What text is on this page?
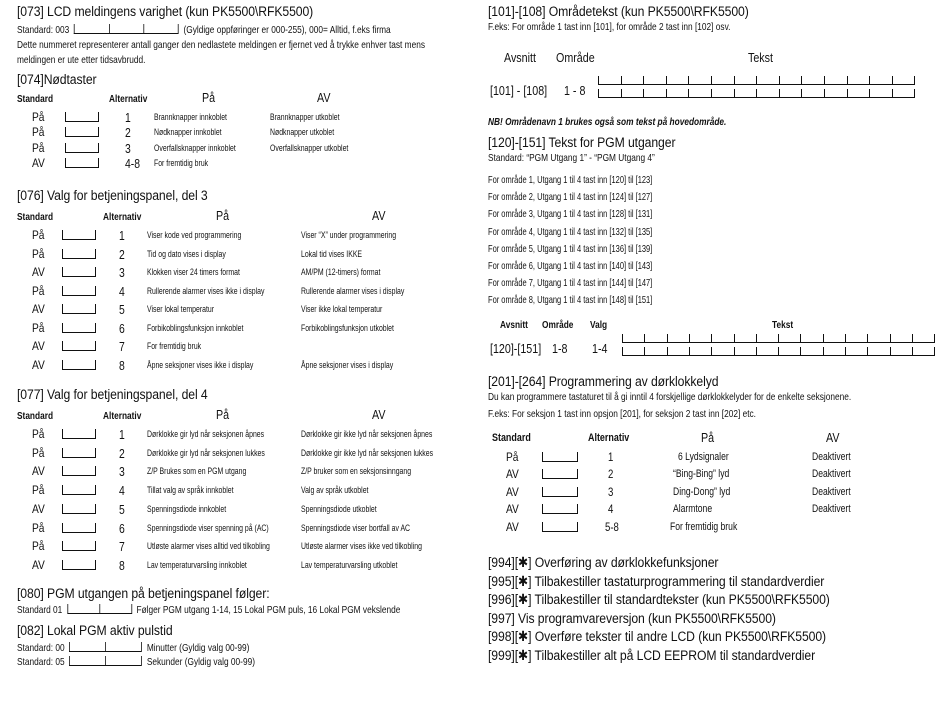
[073] LCD meldingens varighet (kun PK5500\RFK5500)
Standard: 003	(Gyldige oppføringer er 000-255), 000= Alltid, f.eks firma
Dette nummeret representerer antall ganger den nedlastete meldingen er fjernet ved å trykke enhver tast mens
meldingen er ute etter tidsavbrudd.
[074]Nødtaster
Standard	Alternativ	På	AV
På	1 Brannknapper innkoblet	Brannknapper utkoblet
På	2 Nødknapper innkoblet	Nødknapper utkoblet
På	3 Overfallsknapper innkoblet	Overfallsknapper utkoblet
AV	4-8 For fremtidig bruk
[076] Valg for betjeningspanel, del 3
Standard	Alternativ	På	AV
På	1 Viser kode ved programmering	Viser “X” under programmering
På	2 Tid og dato vises i display	Lokal tid vises IKKE
AV	3 Klokken viser 24 timers format	AM/PM (12-timers) format
På	4 Rullerende alarmer vises ikke i display	Rullerende alarmer vises i display
AV	5 Viser lokal temperatur	Viser ikke lokal temperatur
På	6 Forbikoblingsfunksjon innkoblet	Forbikoblingsfunksjon utkoblet
AV	7 For fremtidig bruk
AV	8 Åpne seksjoner vises ikke i display	Åpne seksjoner vises i display
[077] Valg for betjeningspanel, del 4
Standard	Alternativ	På	AV
På	1 Dørklokke gir lyd når seksjonen åpnes	Dørklokke gir ikke lyd når seksjonen åpnes
På	2 Dørklokke gir lyd når seksjonen lukkes	Dørklokke gir ikke lyd når seksjonen lukkes
AV	3 Z/P Brukes som en PGM utgang	Z/P bruker som en seksjonsinngang
På	4 Tillat valg av språk innkoblet	Valg av språk utkoblet
AV	5 Spenningsdiode innkoblet	Spenningsdiode utkoblet
På	6 Spenningsdiode viser spenning på (AC)	Spenningsdiode viser bortfall av AC
På	7 Utløste alarmer vises alltid ved tilkobling	Utløste alarmer vises ikke ved tilkobling
AV	8 Lav temperaturvarsling innkoblet	Lav temperaturvarsling utkoblet
[080] PGM utgangen på betjeningspanel følger:
Standard 01	Følger PGM utgang 1-14, 15 Lokal PGM puls, 16 Lokal PGM vekslende
[082] Lokal PGM aktiv pulstid
Standard: 00	Minutter (Gyldig valg 00-99)
Standard: 05	Sekunder (Gyldig valg 00-99)
[101]-[108] Områdetekst (kun PK5500\RFK5500)
F.eks: For område 1 tast inn [101], for område 2 tast inn [102] osv.
Avsnitt Område	Tekst
[101] - [108] 1 - 8
NB! Områdenavn 1 brukes også som tekst på hovedområde.
[120]-[151] Tekst for PGM utganger
Standard: “PGM Utgang 1” - “PGM Utgang 4”
For område 1, Utgang 1 til 4 tast inn [120] til [123]
For område 2, Utgang 1 til 4 tast inn [124] til [127]
For område 3, Utgang 1 til 4 tast inn [128] til [131]
For område 4, Utgang 1 til 4 tast inn [132] til [135]
For område 5, Utgang 1 til 4 tast inn [136] til [139]
For område 6, Utgang 1 til 4 tast inn [140] til [143]
For område 7, Utgang 1 til 4 tast inn [144] til [147]
For område 8, Utgang 1 til 4 tast inn [148] til [151]
Avsnitt Område Valg	Tekst
[120]-[151] 1-8 1-4
[201]-[264] Programmering av dørklokkelyd
Du kan programmere tastaturet til å gi inntil 4 forskjellige dørklokkelyder for de enkelte seksjonene.
F.eks: For seksjon 1 tast inn opsjon [201], for seksjon 2 tast inn [202] etc.
Standard	Alternativ	På	AV
På	1	6 Lydsignaler	Deaktivert
AV	2	“Bing-Bing” lyd	Deaktivert
AV	3	Ding-Dong” lyd	Deaktivert
AV	4	Alarmtone	Deaktivert
AV	5-8	For fremtidig bruk
[994][✱] Overføring av dørklokkefunksjoner
[995][✱] Tilbakestiller tastaturprogrammering til standardverdier
[996][✱] Tilbakestiller til standardtekster (kun PK5500\RFK5500)
[997] Vis programvareversjon (kun PK5500\RFK5500)
[998][✱] Overføre tekster til andre LCD (kun PK5500\RFK5500)
[999][✱] Tilbakestiller alt på LCD EEPROM til standardverdier
